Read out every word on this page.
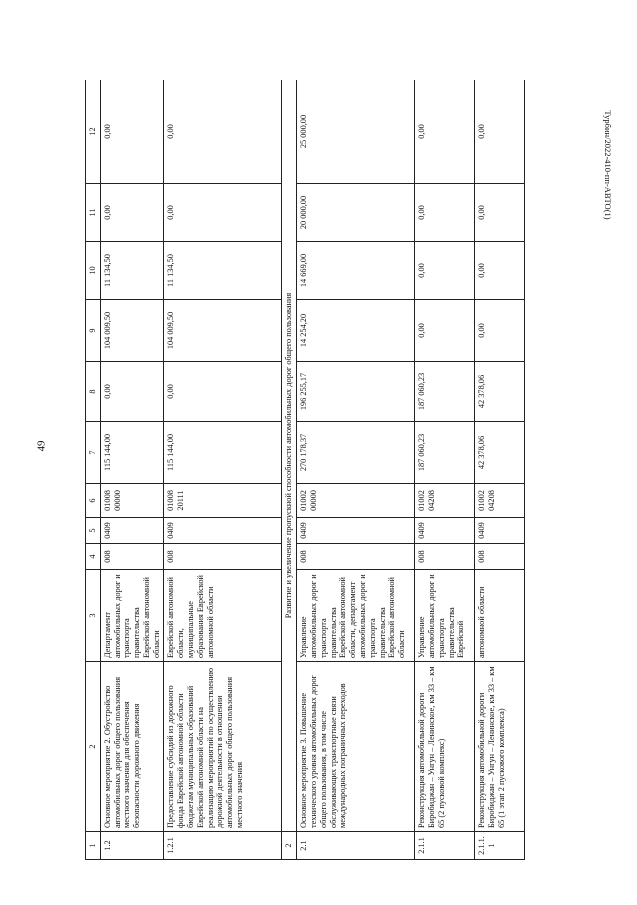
49
Турбин/2022-410-пп-АВТО(1)
1	2	3	4	5	6	7	8	9	10	11	12
1.2	Основное мероприятие 2. Обустройство автомобильных дорог общего пользования местного значения для обеспечения безопасности дорожного движения	Департамент автомобильных дорог и транспорта правительства Еврейской автономной области	008	0409	01008 00000	115 144,00	0,00	104 009,50	11 134,50	0,00	0,00
1.2.1	Предоставление субсидий из дорожного фонда Еврейской автономной области бюджетам муниципальных образований Еврейской автономной области на реализацию мероприятий по осуществлению дорожной деятельности в отношении автомобильных дорог общего пользования местного значения	Еврейской автономной области, муниципальные образования Еврейской автономной области	008	0409	01008 20111	115 144,00	0,00	104 009,50	11 134,50	0,00	0,00
2	Развитие и увеличение пропускной способности автомобильных дорог общего пользования										
2.1	Основное мероприятие 3. Повышение технического уровня автомобильных дорог общего пользования, в том числе обслуживающих транспортные связи международных пограничных переходов	Управление автомобильных дорог и транспорта правительства Еврейской автономной области, департамент автомобильных дорог и транспорта правительства Еврейской автономной области	008	0409	01002 00000	270 178,37	196 255,17	14 254,20	14 669,00	20 000,00	25 000,00
2.1.1	Реконструкция автомобильной дороги Биробиджан – Унгун – Ленинское, км 33 – км 65 (2 пусковой комплекс)	Управление автомобильных дорог и транспорта правительства Еврейской	008	0409	01002 04208	187 060,23	187 060,23	0,00	0,00	0,00	0,00
2.1.1.1	Реконструкция автомобильной дороги Биробиджан – Унгун – Ленинское, км 33 – км 65 (1 этап 2 пускового комплекса)	автономной области	008	0409	01002 04208	42 378,06	42 378,06	0,00	0,00	0,00	0,00
